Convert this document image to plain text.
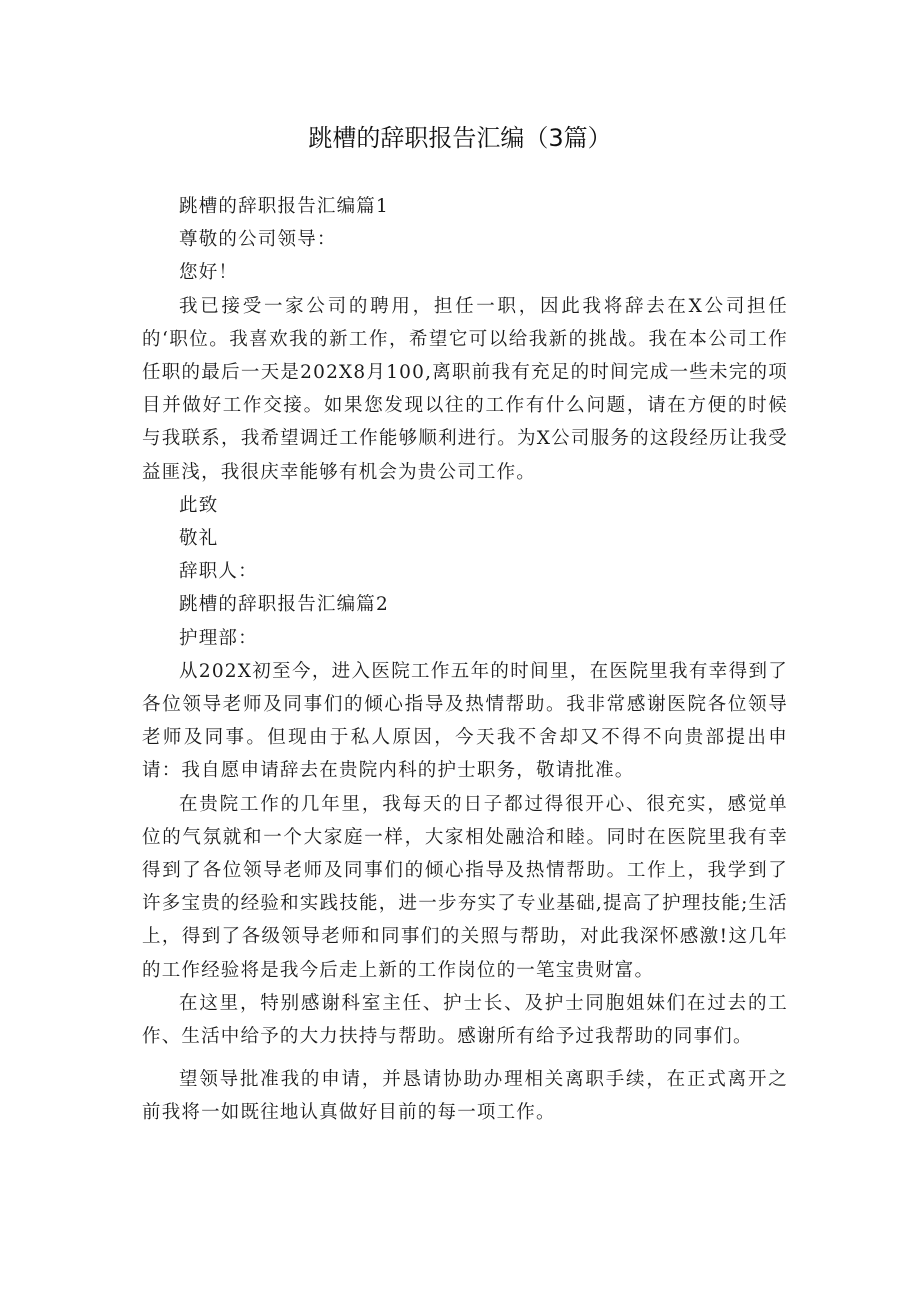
跳槽的辞职报告汇编（3篇）

跳槽的辞职报告汇编篇1

尊敬的公司领导：

您好！

我已接受一家公司的聘用，担任一职，因此我将辞去在X公司担任的‘职位。我喜欢我的新工作，希望它可以给我新的挑战。我在本公司工作任职的最后一天是202X8月100,离职前我有充足的时间完成一些未完的项目并做好工作交接。如果您发现以往的工作有什么问题，请在方便的时候与我联系，我希望调迁工作能够顺利进行。为X公司服务的这段经历让我受益匪浅，我很庆幸能够有机会为贵公司工作。

此致

敬礼

辞职人：

跳槽的辞职报告汇编篇2

护理部：

从202X初至今，进入医院工作五年的时间里，在医院里我有幸得到了各位领导老师及同事们的倾心指导及热情帮助。我非常感谢医院各位领导老师及同事。但现由于私人原因，今天我不舍却又不得不向贵部提出申请：我自愿申请辞去在贵院内科的护士职务，敬请批准。

在贵院工作的几年里，我每天的日子都过得很开心、很充实，感觉单位的气氛就和一个大家庭一样，大家相处融洽和睦。同时在医院里我有幸得到了各位领导老师及同事们的倾心指导及热情帮助。工作上，我学到了许多宝贵的经验和实践技能，进一步夯实了专业基础,提高了护理技能;生活上，得到了各级领导老师和同事们的关照与帮助，对此我深怀感激!这几年的工作经验将是我今后走上新的工作岗位的一笔宝贵财富。

在这里，特别感谢科室主任、护士长、及护士同胞姐妹们在过去的工作、生活中给予的大力扶持与帮助。感谢所有给予过我帮助的同事们。

望领导批准我的申请，并恳请协助办理相关离职手续，在正式离开之前我将一如既往地认真做好目前的每一项工作。
